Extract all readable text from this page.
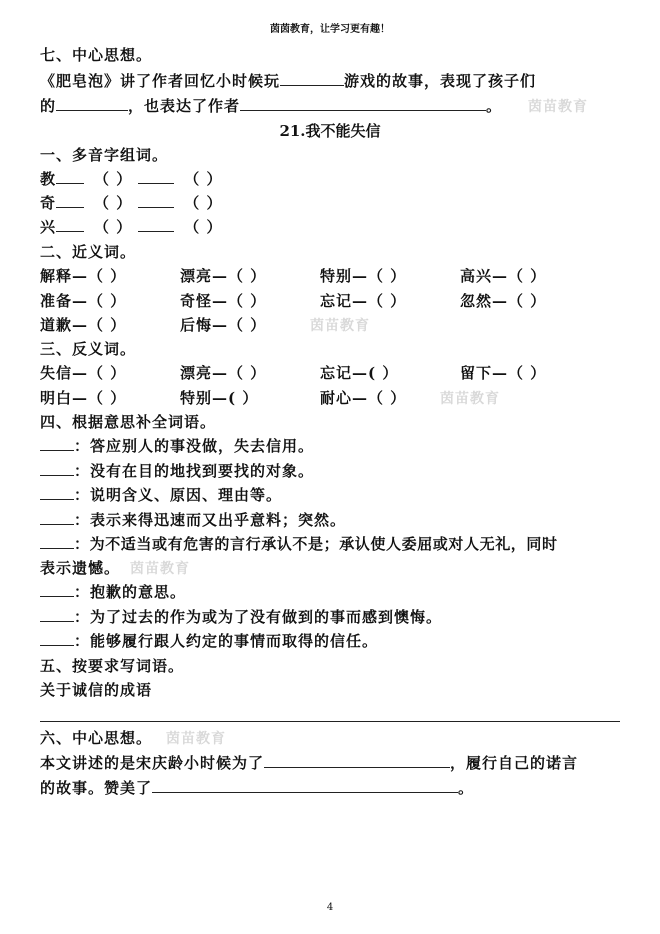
茵茵教育，让学习更有趣！
七、中心思想。
《肥皂泡》讲了作者回忆小时候玩	游戏的故事，表现了孩子们
的	，也表达了作者	。 茵苗教育
21.我不能失信
一、多音字组词。
教	（ ）	（ ）
奇	（ ）	（ ）
兴	（ ）	（ ）
二、近义词。
解释—（ ）	漂亮—（ ）	特别—（ ）	高兴—（ ）
准备—（ ）	奇怪—（ ）	忘记—（ ）	忽然—（ ）
道歉—（ ）	后悔—（ ）	茵苗教育
三、反义词。
失信—（ ）	漂亮—（ ）	忘记—( ）	留下—（ ）
明白—（ ）	特别—( ）	耐心—（ ） 茵苗教育
四、根据意思补全词语。
：答应别人的事没做，失去信用。
：没有在目的地找到要找的对象。
：说明含义、原因、理由等。
：表示来得迅速而又出乎意料；突然。
：为不适当或有危害的言行承认不是；承认使人委屈或对人无礼，同时
表示遗憾。 茵苗教育
：抱歉的意思。
：为了过去的作为或为了没有做到的事而感到懊悔。
：能够履行跟人约定的事情而取得的信任。
五、按要求写词语。
关于诚信的成语
六、中心思想。 茵苗教育
本文讲述的是宋庆龄小时候为了	，履行自己的诺言
的故事。赞美了	。
4
